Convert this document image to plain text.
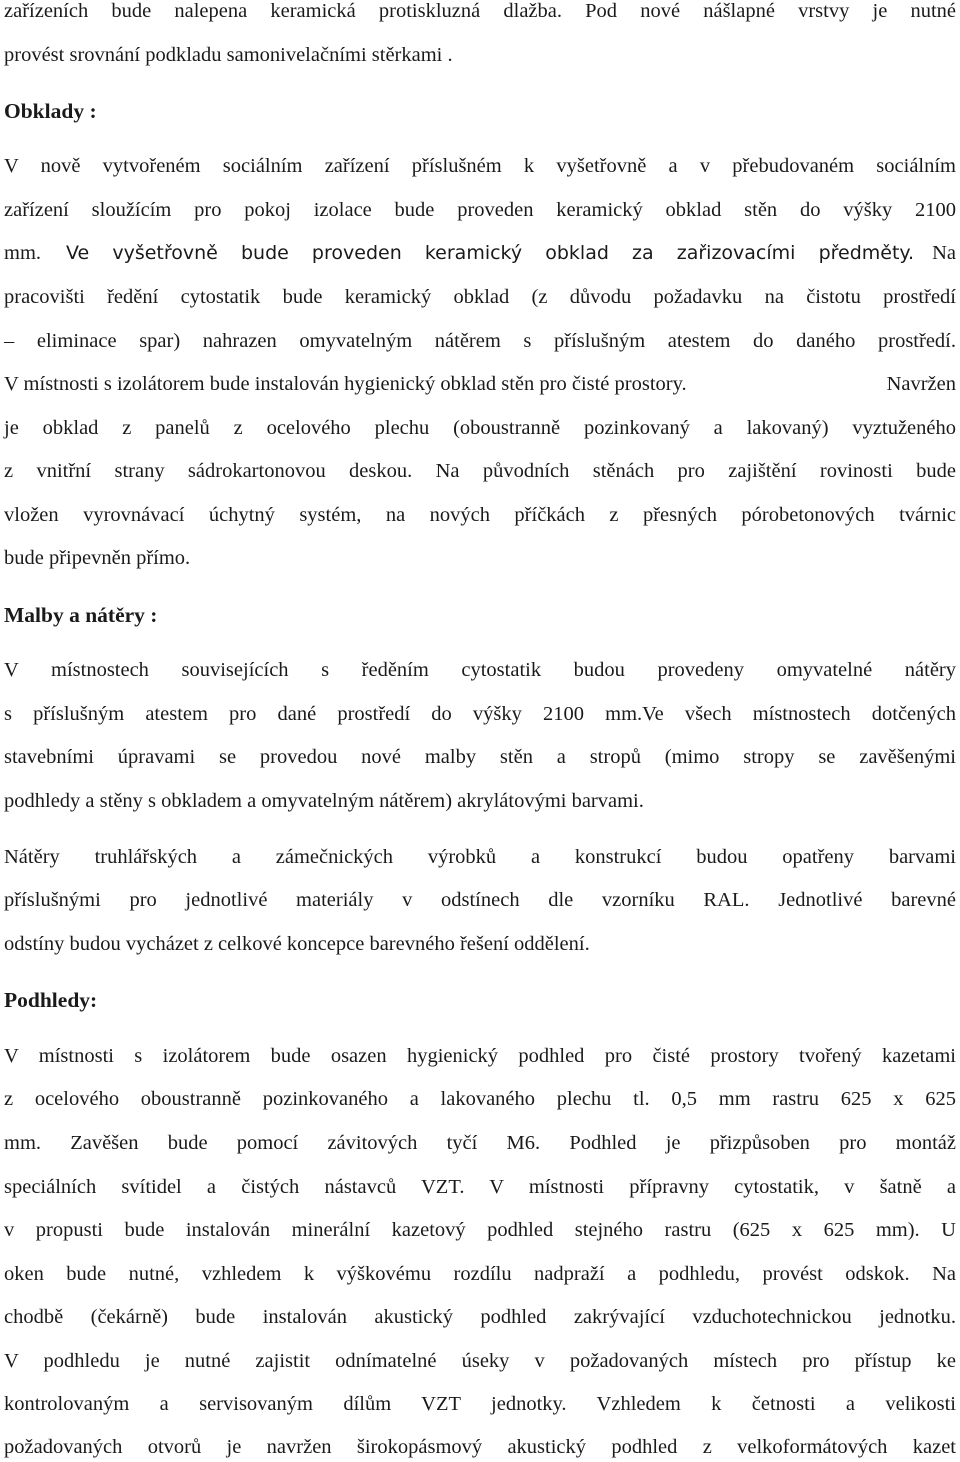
zařízeních bude nalepena keramická protiskluzná dlažba. Pod nové nášlapné vrstvy je nutné
provést srovnání podkladu samonivelačními stěrkami .
Obklady :
V nově vytvořeném sociálním zařízení příslušném k vyšetřovně a v přebudovaném sociálním
zařízení sloužícím pro pokoj izolace bude proveden keramický obklad stěn do výšky 2100
mm. Ve vyšetřovně bude proveden keramický obklad za zařizovacími předměty. Na
pracovišti ředění cytostatik bude keramický obklad (z důvodu požadavku na čistotu prostředí
– eliminace spar) nahrazen omyvatelným nátěrem s příslušným atestem do daného prostředí.
V místnosti s izolátorem bude instalován hygienický obklad stěn pro čisté prostory.	Navržen
je obklad z panelů z ocelového plechu (oboustranně pozinkovaný a lakovaný) vyztuženého
z vnitřní strany sádrokartonovou deskou. Na původních stěnách pro zajištění rovinosti bude
vložen vyrovnávací úchytný systém, na nových příčkách z přesných pórobetonových tvárnic
bude připevněn přímo.
Malby a nátěry :
V místnostech souvisejících s ředěním cytostatik budou provedeny omyvatelné nátěry
s příslušným atestem pro dané prostředí do výšky 2100 mm.Ve všech místnostech dotčených
stavebními úpravami se provedou nové malby stěn a stropů (mimo stropy se zavěšenými
podhledy a stěny s obkladem a omyvatelným nátěrem) akrylátovými barvami.
Nátěry truhlářských a zámečnických výrobků a konstrukcí budou opatřeny barvami
příslušnými pro jednotlivé materiály v odstínech dle vzorníku RAL. Jednotlivé barevné
odstíny budou vycházet z celkové koncepce barevného řešení oddělení.
Podhledy:
V místnosti s izolátorem bude osazen hygienický podhled pro čisté prostory tvořený kazetami
z ocelového oboustranně pozinkovaného a lakovaného plechu tl. 0,5 mm rastru 625 x 625
mm. Zavěšen bude pomocí závitových tyčí M6. Podhled je přizpůsoben pro montáž
speciálních svítidel a čistých nástavců VZT. V místnosti přípravny cytostatik, v šatně a
v propusti bude instalován minerální kazetový podhled stejného rastru (625 x 625 mm). U
oken bude nutné, vzhledem k výškovému rozdílu nadpraží a podhledu, provést odskok. Na
chodbě (čekárně) bude instalován akustický podhled zakrývající vzduchotechnickou jednotku.
V podhledu je nutné zajistit odnímatelné úseky v požadovaných místech pro přístup ke
kontrolovaným a servisovaným dílům VZT jednotky. Vzhledem k četnosti a velikosti
požadovaných otvorů je navržen širokopásmový akustický podhled z velkoformátových kazet
